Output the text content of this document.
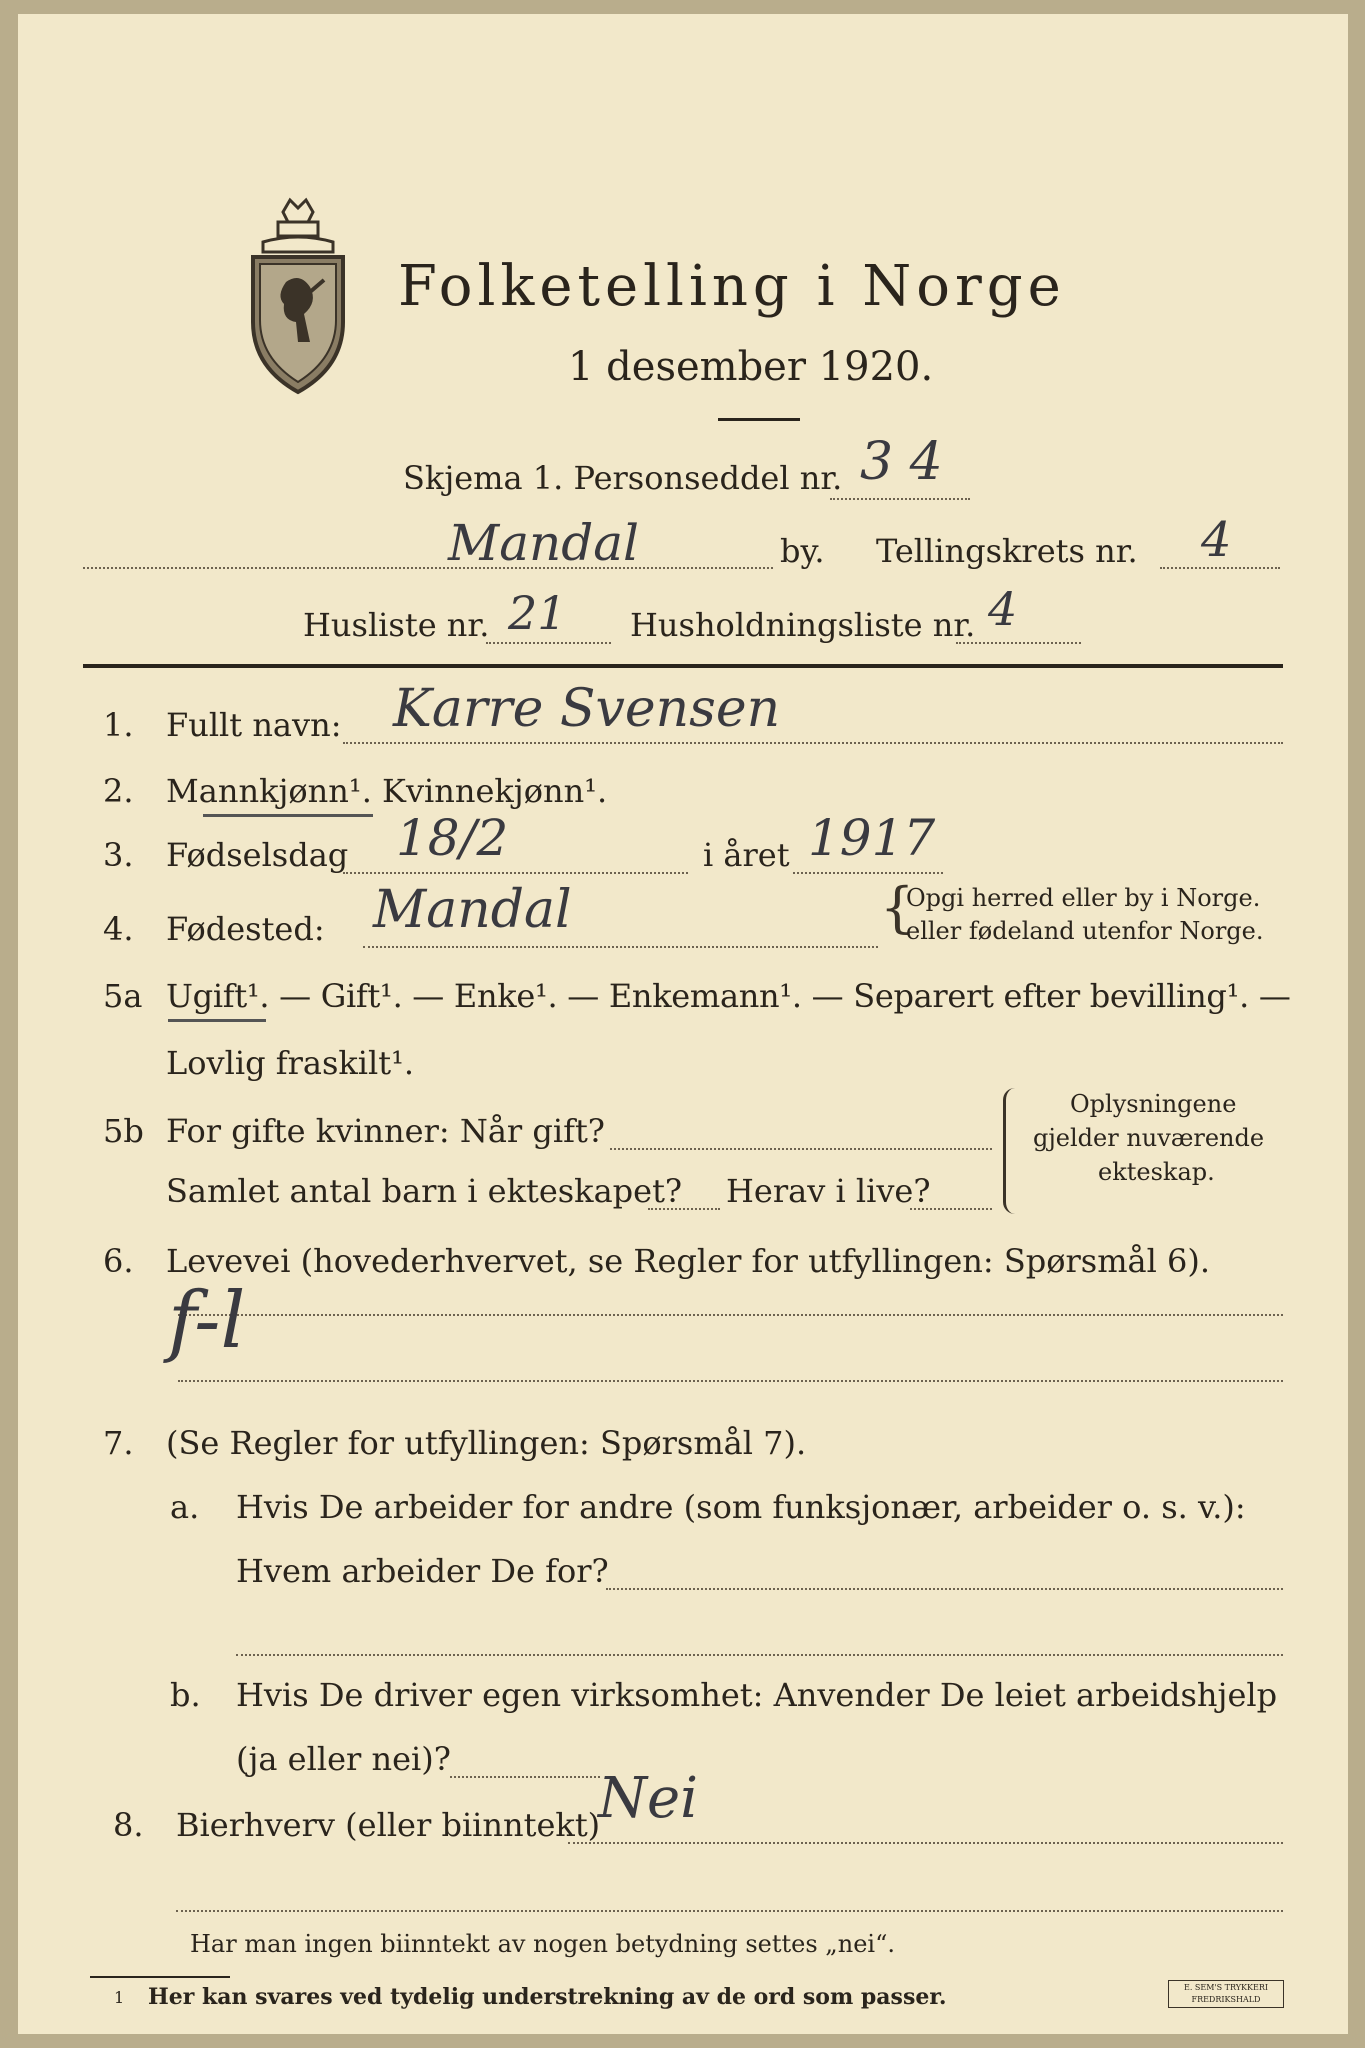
Folketelling i Norge
1 desember 1920.
Skjema 1. Personseddel nr. 3 4
Mandal	by. Tellingskrets nr. 4
Husliste nr. 21 Husholdningsliste nr. 4
1. Fullt navn: Karre Svensen
2. Mannkjønn¹. Kvinnekjønn¹.
3. Fødselsdag 18/2	i året 1917
4. Fødested: Mandal	{
Opgi herred eller by i Norge.
eller fødeland utenfor Norge.
5a Ugift¹. — Gift¹. — Enke¹. — Enkemann¹. — Separert efter bevilling¹. —
Lovlig fraskilt¹.
5b For gifte kvinner: Når gift?
Samlet antal barn i ekteskapet? Herav i live?
Oplysningene
gjelder nuværende
ekteskap.
6. Levevei (hovederhvervet, se Regler for utfyllingen: Spørsmål 6).
f-l
7. (Se Regler for utfyllingen: Spørsmål 7).
a. Hvis De arbeider for andre (som funksjonær, arbeider o. s. v.):
Hvem arbeider De for?
b. Hvis De driver egen virksomhet: Anvender De leiet arbeidshjelp
(ja eller nei)?
8. Bierhverv (eller biinntekt)
Nei
Har man ingen biinntekt av nogen betydning settes „nei“.
1 Her kan svares ved tydelig understrekning av de ord som passer.	E. SEM'S TRYKKERI FREDRIKSHALD
